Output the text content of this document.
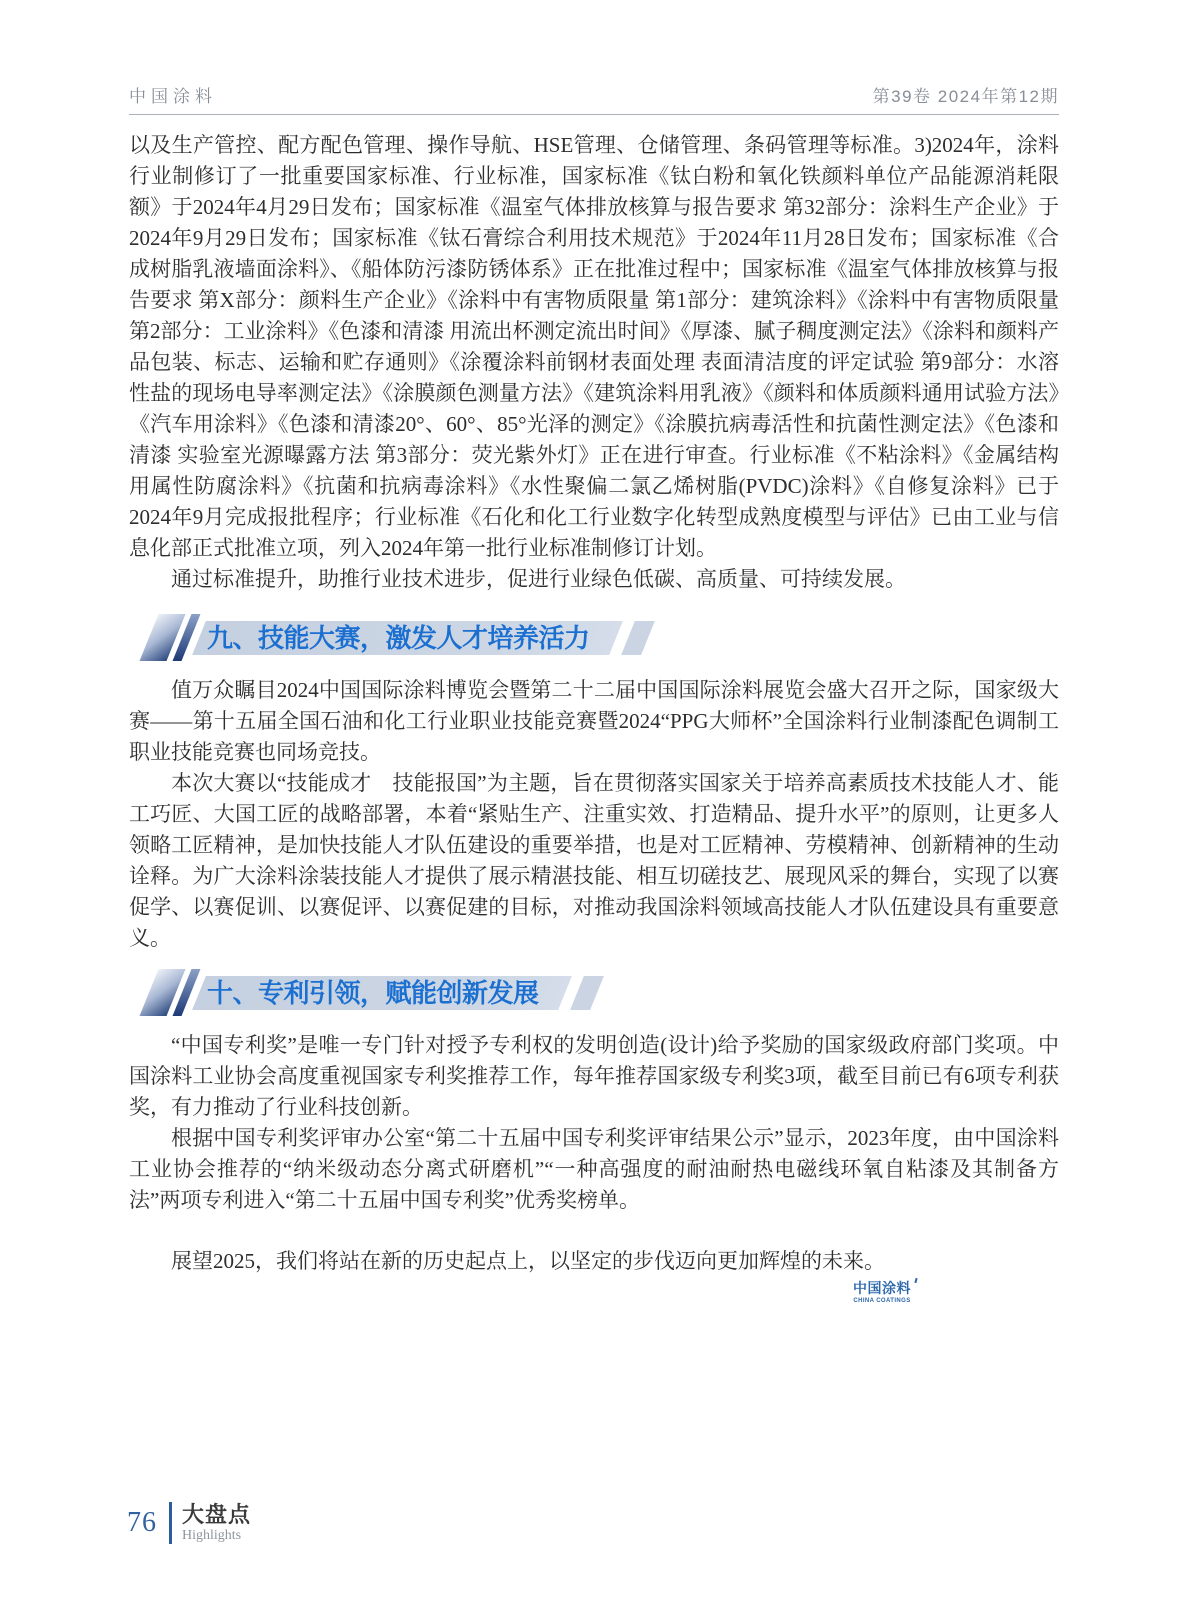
中国涂料	第39卷 2024年第12期

以及生产管控、配方配色管理、操作导航、HSE管理、仓储管理、条码管理等标准。3)2024年，涂料行业制修订了一批重要国家标准、行业标准，国家标准《钛白粉和氧化铁颜料单位产品能源消耗限额》于2024年4月29日发布；国家标准《温室气体排放核算与报告要求 第32部分：涂料生产企业》于2024年9月29日发布；国家标准《钛石膏综合利用技术规范》于2024年11月28日发布；国家标准《合成树脂乳液墙面涂料》、《船体防污漆防锈体系》正在批准过程中；国家标准《温室气体排放核算与报告要求 第X部分：颜料生产企业》《涂料中有害物质限量 第1部分：建筑涂料》《涂料中有害物质限量 第2部分：工业涂料》《色漆和清漆 用流出杯测定流出时间》《厚漆、腻子稠度测定法》《涂料和颜料产品包装、标志、运输和贮存通则》《涂覆涂料前钢材表面处理 表面清洁度的评定试验 第9部分：水溶性盐的现场电导率测定法》《涂膜颜色测量方法》《建筑涂料用乳液》《颜料和体质颜料通用试验方法》《汽车用涂料》《色漆和清漆20°、60°、85°光泽的测定》《涂膜抗病毒活性和抗菌性测定法》《色漆和清漆 实验室光源曝露方法 第3部分：荧光紫外灯》正在进行审查。行业标准《不粘涂料》《金属结构用属性防腐涂料》《抗菌和抗病毒涂料》《水性聚偏二氯乙烯树脂(PVDC)涂料》《自修复涂料》已于2024年9月完成报批程序；行业标准《石化和化工行业数字化转型成熟度模型与评估》已由工业与信息化部正式批准立项，列入2024年第一批行业标准制修订计划。

通过标准提升，助推行业技术进步，促进行业绿色低碳、高质量、可持续发展。

九、技能大赛，激发人才培养活力

值万众瞩目2024中国国际涂料博览会暨第二十二届中国国际涂料展览会盛大召开之际，国家级大赛——第十五届全国石油和化工行业职业技能竞赛暨2024“PPG大师杯”全国涂料行业制漆配色调制工职业技能竞赛也同场竞技。

本次大赛以“技能成才　技能报国”为主题，旨在贯彻落实国家关于培养高素质技术技能人才、能工巧匠、大国工匠的战略部署，本着“紧贴生产、注重实效、打造精品、提升水平”的原则，让更多人领略工匠精神，是加快技能人才队伍建设的重要举措，也是对工匠精神、劳模精神、创新精神的生动诠释。为广大涂料涂装技能人才提供了展示精湛技能、相互切磋技艺、展现风采的舞台，实现了以赛促学、以赛促训、以赛促评、以赛促建的目标，对推动我国涂料领域高技能人才队伍建设具有重要意义。

十、专利引领，赋能创新发展

“中国专利奖”是唯一专门针对授予专利权的发明创造(设计)给予奖励的国家级政府部门奖项。中国涂料工业协会高度重视国家专利奖推荐工作，每年推荐国家级专利奖3项，截至目前已有6项专利获奖，有力推动了行业科技创新。

根据中国专利奖评审办公室“第二十五届中国专利奖评审结果公示”显示，2023年度，由中国涂料工业协会推荐的“纳米级动态分离式研磨机”“一种高强度的耐油耐热电磁线环氧自粘漆及其制备方法”两项专利进入“第二十五届中国专利奖”优秀奖榜单。

展望2025，我们将站在新的历史起点上，以坚定的步伐迈向更加辉煌的未来。

中国涂料
CHINA COATINGS
76 大盘点
Highlights
